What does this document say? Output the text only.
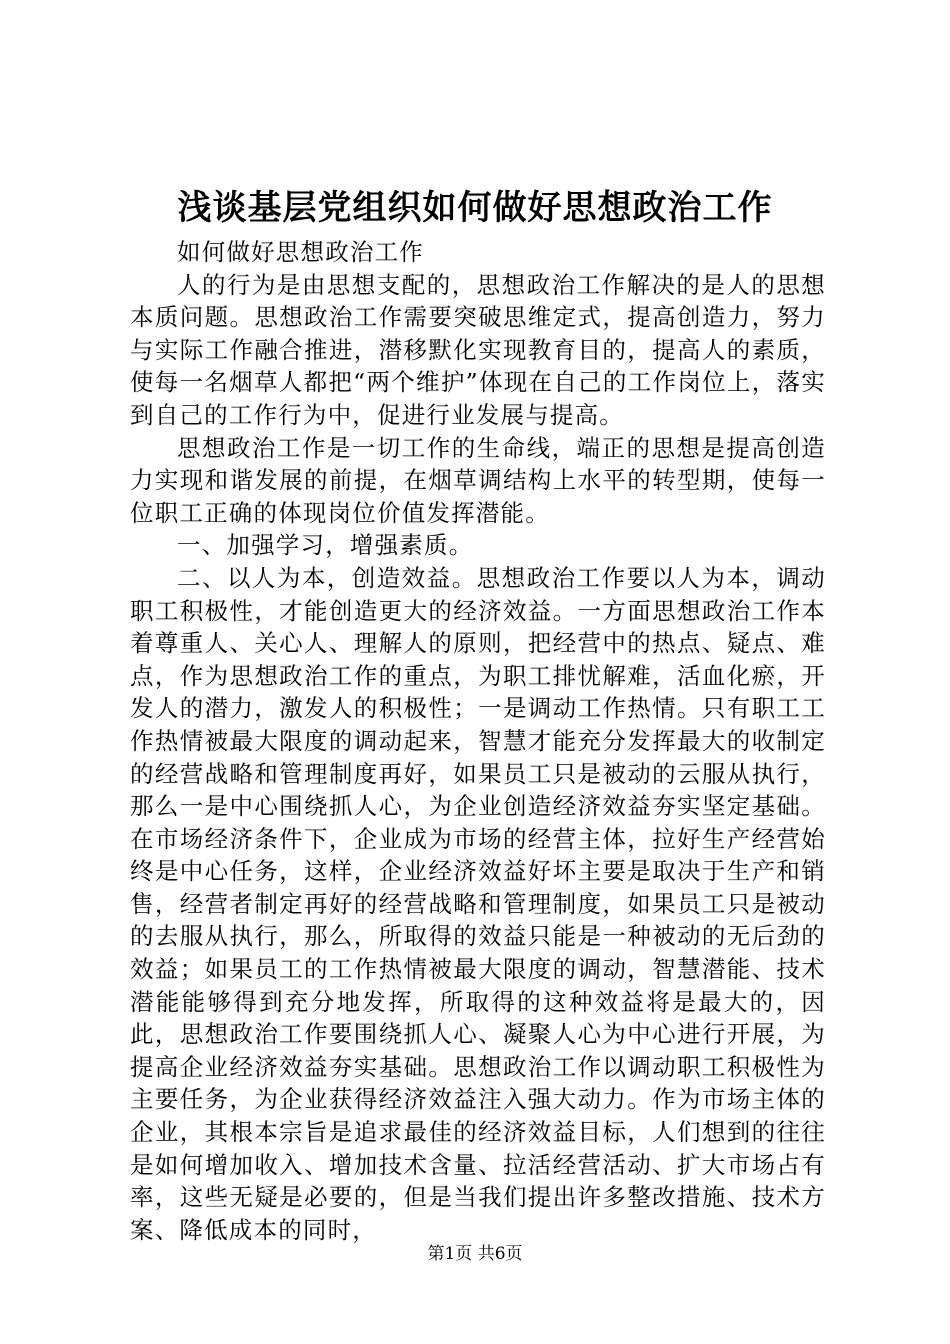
浅谈基层党组织如何做好思想政治工作

如何做好思想政治工作

人的行为是由思想支配的，思想政治工作解决的是人的思想本质问题。思想政治工作需要突破思维定式，提高创造力，努力与实际工作融合推进，潜移默化实现教育目的，提高人的素质，使每一名烟草人都把“两个维护”体现在自己的工作岗位上，落实到自己的工作行为中，促进行业发展与提高。

思想政治工作是一切工作的生命线，端正的思想是提高创造力实现和谐发展的前提，在烟草调结构上水平的转型期，使每一位职工正确的体现岗位价值发挥潜能。

一、加强学习，增强素质。

二、以人为本，创造效益。思想政治工作要以人为本，调动职工积极性，才能创造更大的经济效益。一方面思想政治工作本着尊重人、关心人、理解人的原则，把经营中的热点、疑点、难点，作为思想政治工作的重点，为职工排忧解难，活血化瘀，开发人的潜力，激发人的积极性；一是调动工作热情。只有职工工作热情被最大限度的调动起来，智慧才能充分发挥最大的收制定的经营战略和管理制度再好，如果员工只是被动的云服从执行，那么一是中心围绕抓人心，为企业创造经济效益夯实坚定基础。在市场经济条件下，企业成为市场的经营主体，拉好生产经营始终是中心任务，这样，企业经济效益好坏主要是取决于生产和销售，经营者制定再好的经营战略和管理制度，如果员工只是被动的去服从执行，那么，所取得的效益只能是一种被动的无后劲的效益；如果员工的工作热情被最大限度的调动，智慧潜能、技术潜能能够得到充分地发挥，所取得的这种效益将是最大的，因此，思想政治工作要围绕抓人心、凝聚人心为中心进行开展，为提高企业经济效益夯实基础。思想政治工作以调动职工积极性为主要任务，为企业获得经济效益注入强大动力。作为市场主体的企业，其根本宗旨是追求最佳的经济效益目标，人们想到的往往是如何增加收入、增加技术含量、拉活经营活动、扩大市场占有率，这些无疑是必要的，但是当我们提出许多整改措施、技术方案、降低成本的同时，

第1页 共6页
